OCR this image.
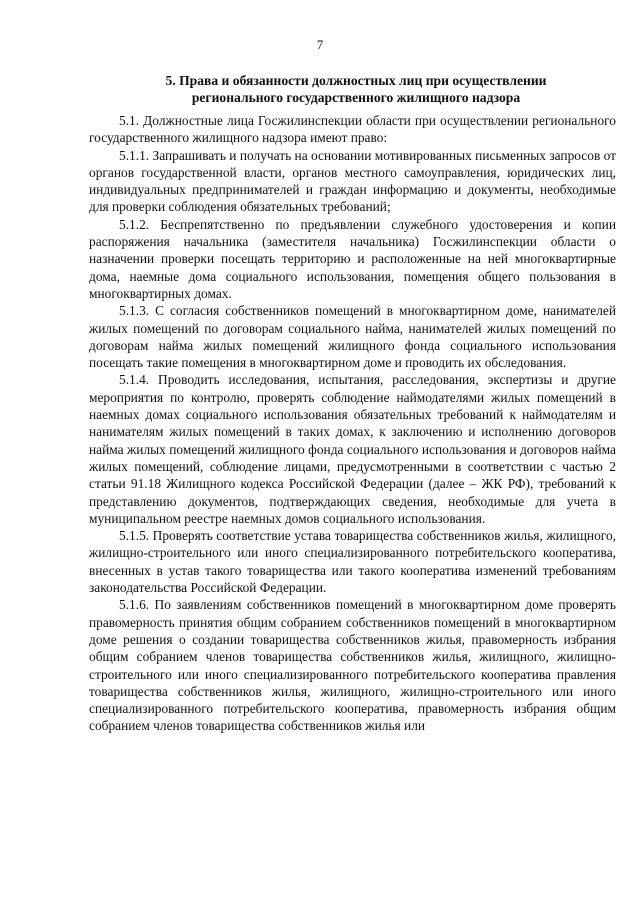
7
5. Права и обязанности должностных лиц при осуществлении
регионального государственного жилищного надзора

5.1. Должностные лица Госжилинспекции области при осуществлении регионального государственного жилищного надзора имеют право:

5.1.1. Запрашивать и получать на основании мотивированных письменных запросов от органов государственной власти, органов местного самоуправления, юридических лиц, индивидуальных предпринимателей и граждан информацию и документы, необходимые для проверки соблюдения обязательных требований;

5.1.2. Беспрепятственно по предъявлении служебного удостоверения и копии распоряжения начальника (заместителя начальника) Госжилинспекции области о назначении проверки посещать территорию и расположенные на ней многоквартирные дома, наемные дома социального использования, помещения общего пользования в многоквартирных домах.

5.1.3. С согласия собственников помещений в многоквартирном доме, нанимателей жилых помещений по договорам социального найма, нанимателей жилых помещений по договорам найма жилых помещений жилищного фонда социального использования посещать такие помещения в многоквартирном доме и проводить их обследования.

5.1.4. Проводить исследования, испытания, расследования, экспертизы и другие мероприятия по контролю, проверять соблюдение наймодателями жилых помещений в наемных домах социального использования обязательных требований к наймодателям и нанимателям жилых помещений в таких домах, к заключению и исполнению договоров найма жилых помещений жилищного фонда социального использования и договоров найма жилых помещений, соблюдение лицами, предусмотренными в соответствии с частью 2 статьи 91.18 Жилищного кодекса Российской Федерации (далее – ЖК РФ), требований к представлению документов, подтверждающих сведения, необходимые для учета в муниципальном реестре наемных домов социального использования.

5.1.5. Проверять соответствие устава товарищества собственников жилья, жилищного, жилищно-строительного или иного специализированного потребительского кооператива, внесенных в устав такого товарищества или такого кооператива изменений требованиям законодательства Российской Федерации.

5.1.6. По заявлениям собственников помещений в многоквартирном доме проверять правомерность принятия общим собранием собственников помещений в многоквартирном доме решения о создании товарищества собственников жилья, правомерность избрания общим собранием членов товарищества собственников жилья, жилищного, жилищно-строительного или иного специализированного потребительского кооператива правления товарищества собственников жилья, жилищного, жилищно-строительного или иного специализированного потребительского кооператива, правомерность избрания общим собранием членов товарищества собственников жилья или
